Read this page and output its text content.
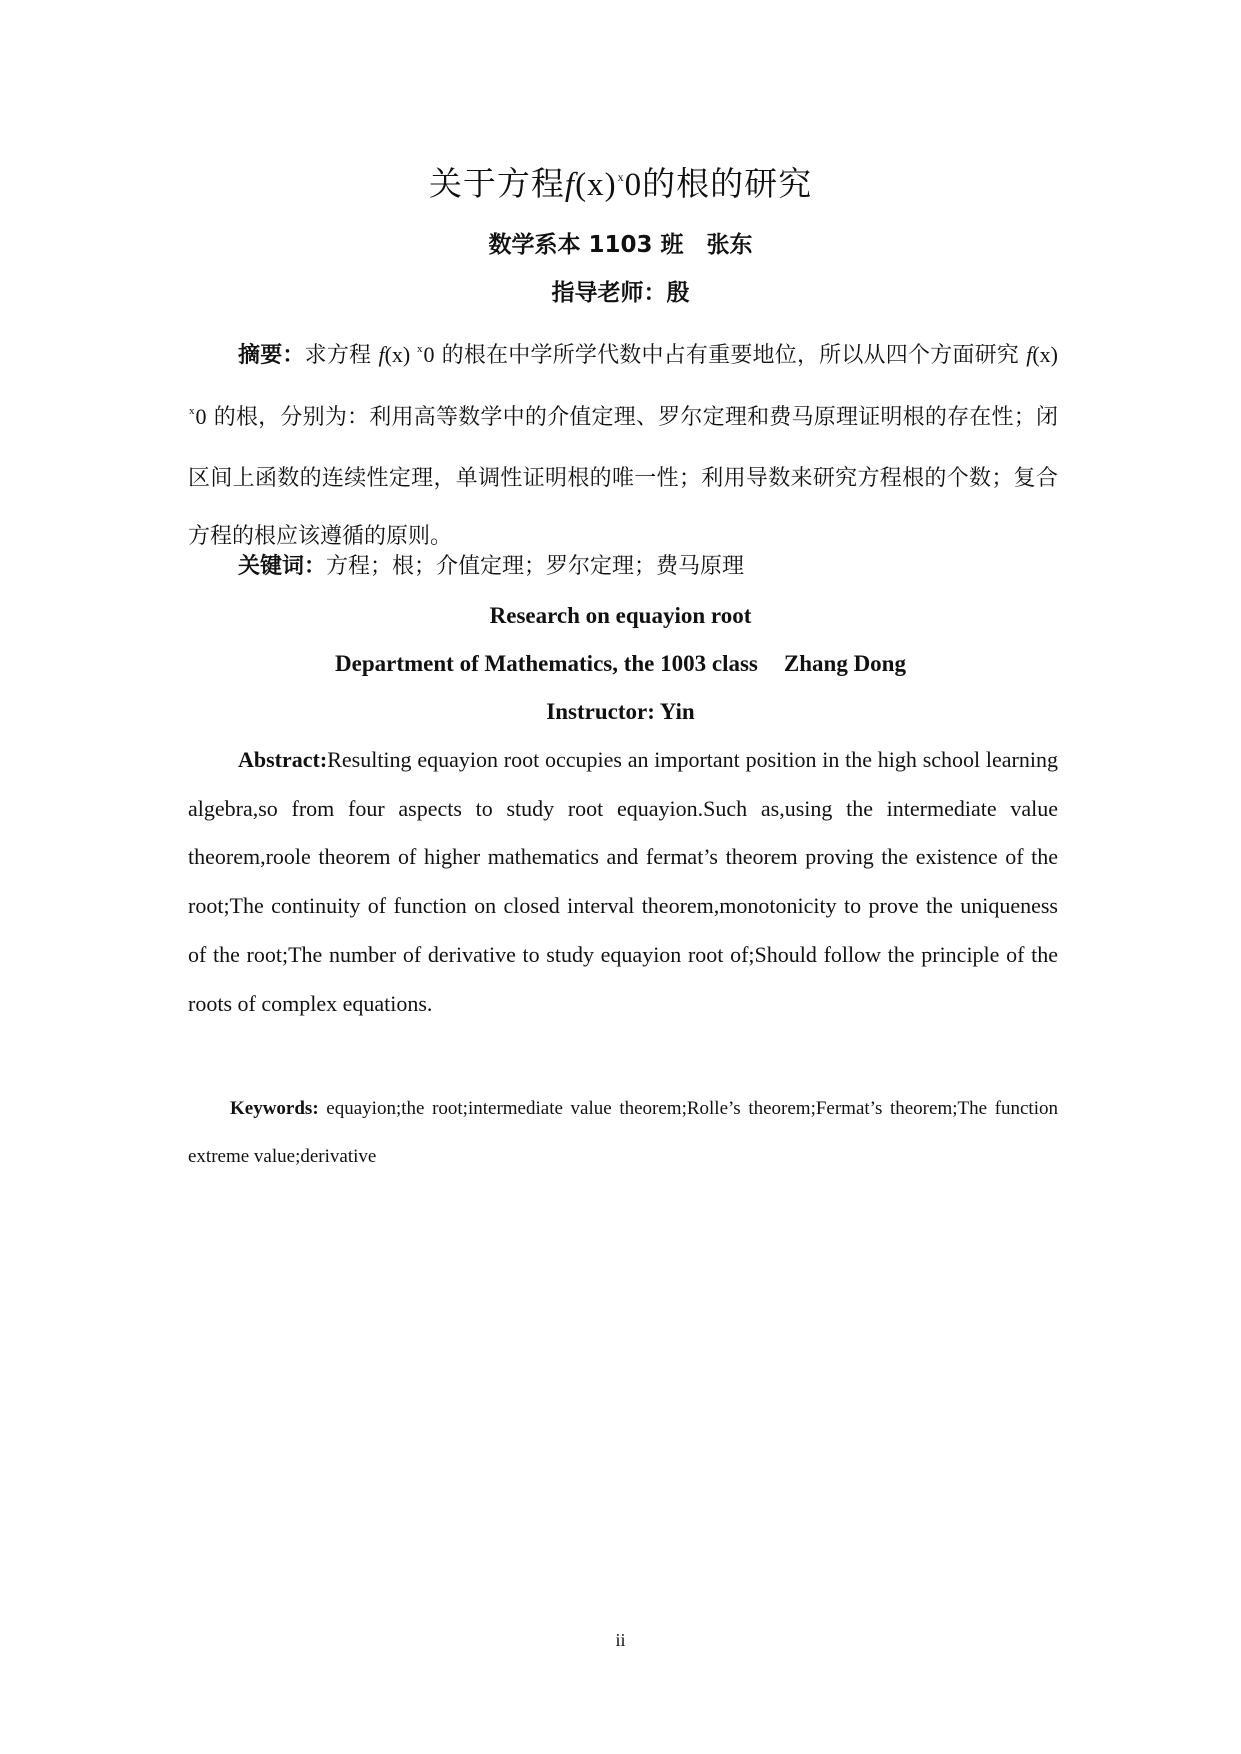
关于方程$f(x)^x0$的根的研究
数学系本 1103 班　张东
指导老师：殷

摘要：求方程 f(x) $^x$0 的根在中学所学代数中占有重要地位，所以从四个方面研究 f(x) $^x$0 的根，分别为：利用高等数学中的介值定理、罗尔定理和费马原理证明根的存在性；闭区间上函数的连续性定理，单调性证明根的唯一性；利用导数来研究方程根的个数；复合方程的根应该遵循的原则。

关键词：方程；根；介值定理；罗尔定理；费马原理

Research on equayion root
Department of Mathematics, the 1003 class Zhang Dong
Instructor: Yin

Abstract:Resulting equayion root occupies an important position in the high school learning algebra,so from four aspects to study root equayion.Such as,using the intermediate value theorem,roole theorem of higher mathematics and fermat’s theorem proving the existence of the root;The continuity of function on closed interval theorem,monotonicity to prove the uniqueness of the root;The number of derivative to study equayion root of;Should follow the principle of the roots of complex equations.

Keywords: equayion;the root;intermediate value theorem;Rolle’s theorem;Fermat’s theorem;The function extreme value;derivative

ii
